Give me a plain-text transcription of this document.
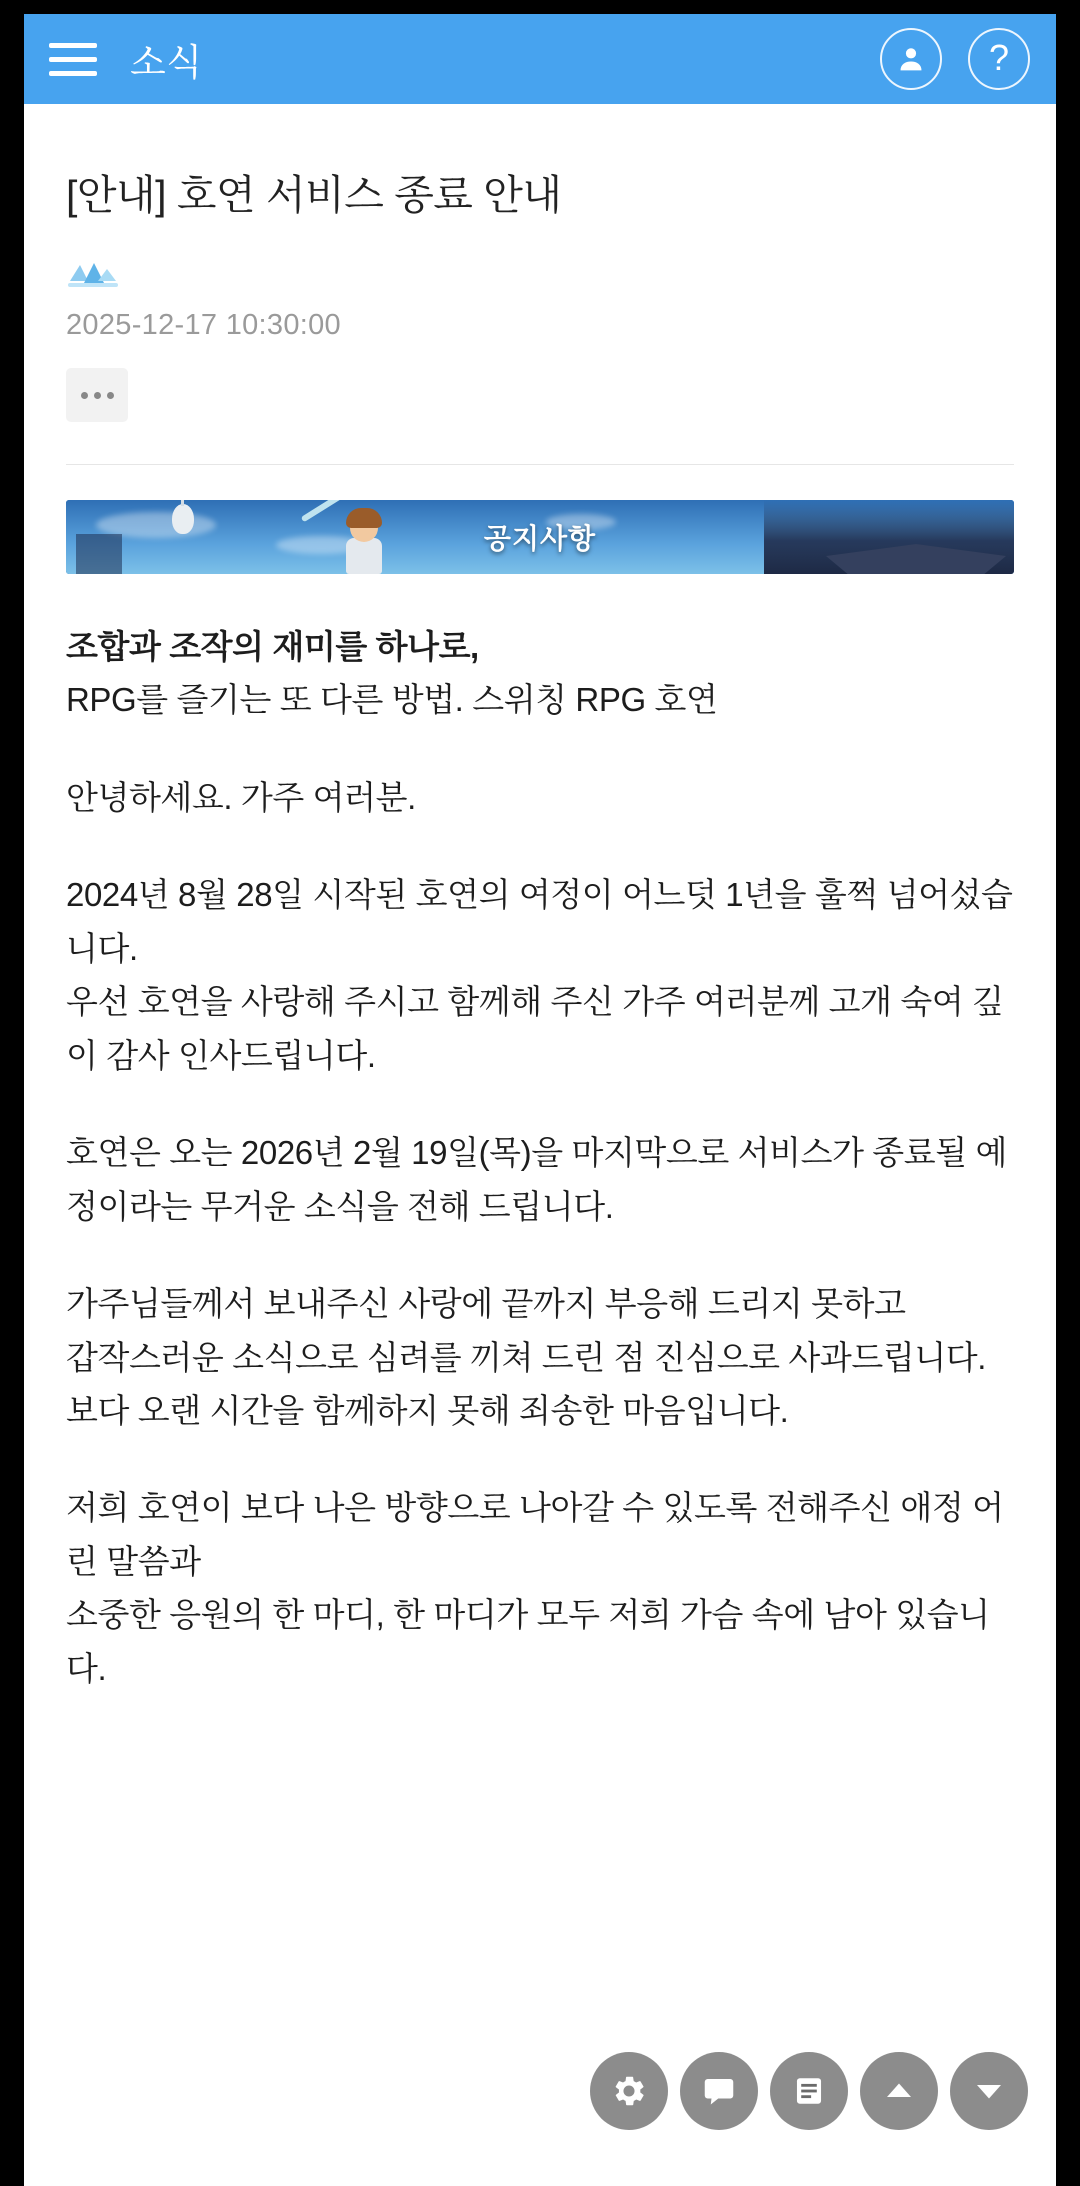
소식	?
[안내] 호연 서비스 종료 안내
2025-12-17 10:30:00
공지사항

조합과 조작의 재미를 하나로,

RPG를 즐기는 또 다른 방법. 스위칭 RPG 호연

안녕하세요. 가주 여러분.

2024년 8월 28일 시작된 호연의 여정이 어느덧 1년을 훌쩍 넘어섰습니다.

우선 호연을 사랑해 주시고 함께해 주신 가주 여러분께 고개 숙여 깊이 감사 인사드립니다.

호연은 오는 2026년 2월 19일(목)을 마지막으로 서비스가 종료될 예정이라는 무거운 소식을 전해 드립니다.

가주님들께서 보내주신 사랑에 끝까지 부응해 드리지 못하고

갑작스러운 소식으로 심려를 끼쳐 드린 점 진심으로 사과드립니다.

보다 오랜 시간을 함께하지 못해 죄송한 마음입니다.

저희 호연이 보다 나은 방향으로 나아갈 수 있도록 전해주신 애정 어린 말씀과

소중한 응원의 한 마디, 한 마디가 모두 저희 가슴 속에 남아 있습니다.
